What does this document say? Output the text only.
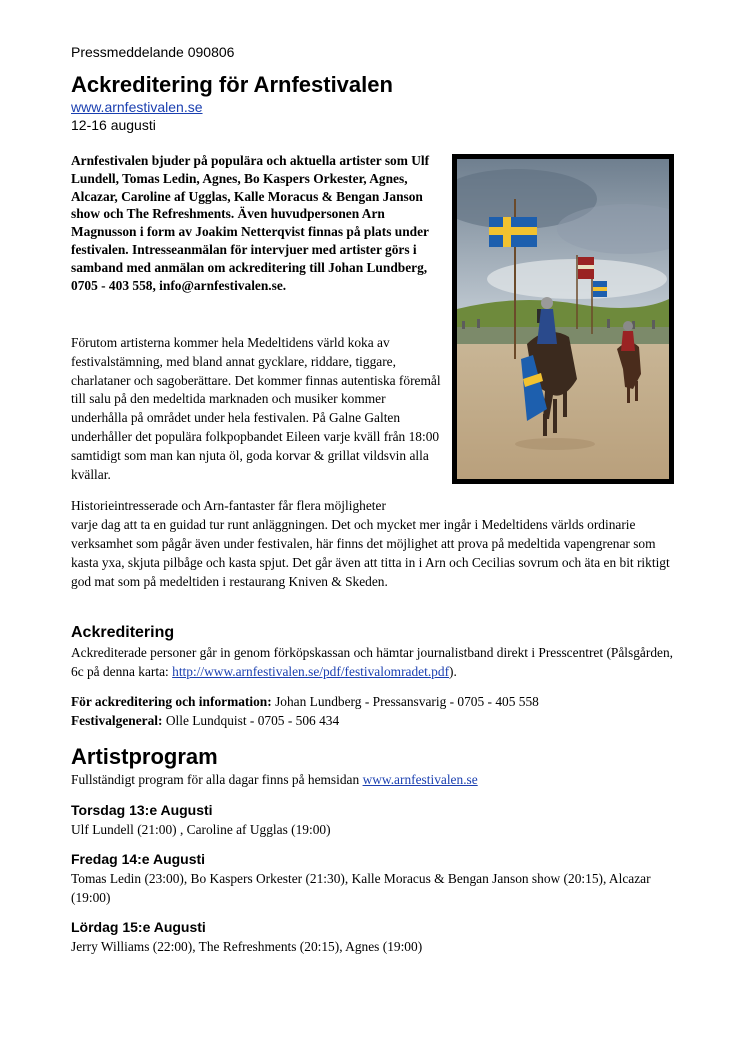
Pressmeddelande 090806
Ackreditering för Arnfestivalen
www.arnfestivalen.se
12-16 augusti

Arnfestivalen bjuder på populära och aktuella artister som Ulf Lundell, Tomas Ledin, Agnes, Bo Kaspers Orkester, Agnes, Alcazar, Caroline af Ugglas, Kalle Moracus & Bengan Janson show och The Refreshments. Även huvudpersonen Arn Magnusson i form av Joakim Netterqvist finnas på plats under festivalen. Intresseanmälan för intervjuer med artister görs i samband med anmälan om ackreditering till Johan Lundberg, 0705 - 403 558, info@arnfestivalen.se.

Förutom artisterna kommer hela Medeltidens värld koka av festivalstämning, med bland annat gycklare, riddare, tiggare, charlataner och sagoberättare. Det kommer finnas autentiska föremål till salu på den medeltida marknaden och musiker kommer underhålla på området under hela festivalen. På Galne Galten underhåller det populära folkpopbandet Eileen varje kväll från 18:00 samtidigt som man kan njuta öl, goda korvar & grillat vildsvin alla kvällar.

Historieintresserade och Arn-fantaster får flera möjligheter
varje dag att ta en guidad tur runt anläggningen. Det och mycket mer ingår i Medeltidens världs ordinarie verksamhet som pågår även under festivalen, här finns det möjlighet att prova på medeltida vapengrenar som kasta yxa, skjuta pilbåge och kasta spjut. Det går även att titta in i Arn och Cecilias sovrum och äta en bit riktigt god mat som på medeltiden i restaurang Kniven & Skeden.

Ackreditering

Ackrediterade personer går in genom förköpskassan och hämtar journalistband direkt i Presscentret (Pålsgården, 6c på denna karta: http://www.arnfestivalen.se/pdf/festivalomradet.pdf).

För ackreditering och information: Johan Lundberg - Pressansvarig - 0705 - 405 558
Festivalgeneral: Olle Lundquist - 0705 - 506 434

Artistprogram

Fullständigt program för alla dagar finns på hemsidan www.arnfestivalen.se

Torsdag 13:e Augusti

Ulf Lundell (21:00) , Caroline af Ugglas (19:00)

Fredag 14:e Augusti

Tomas Ledin (23:00), Bo Kaspers Orkester (21:30), Kalle Moracus & Bengan Janson show (20:15), Alcazar (19:00)

Lördag 15:e Augusti

Jerry Williams (22:00), The Refreshments (20:15), Agnes (19:00)
